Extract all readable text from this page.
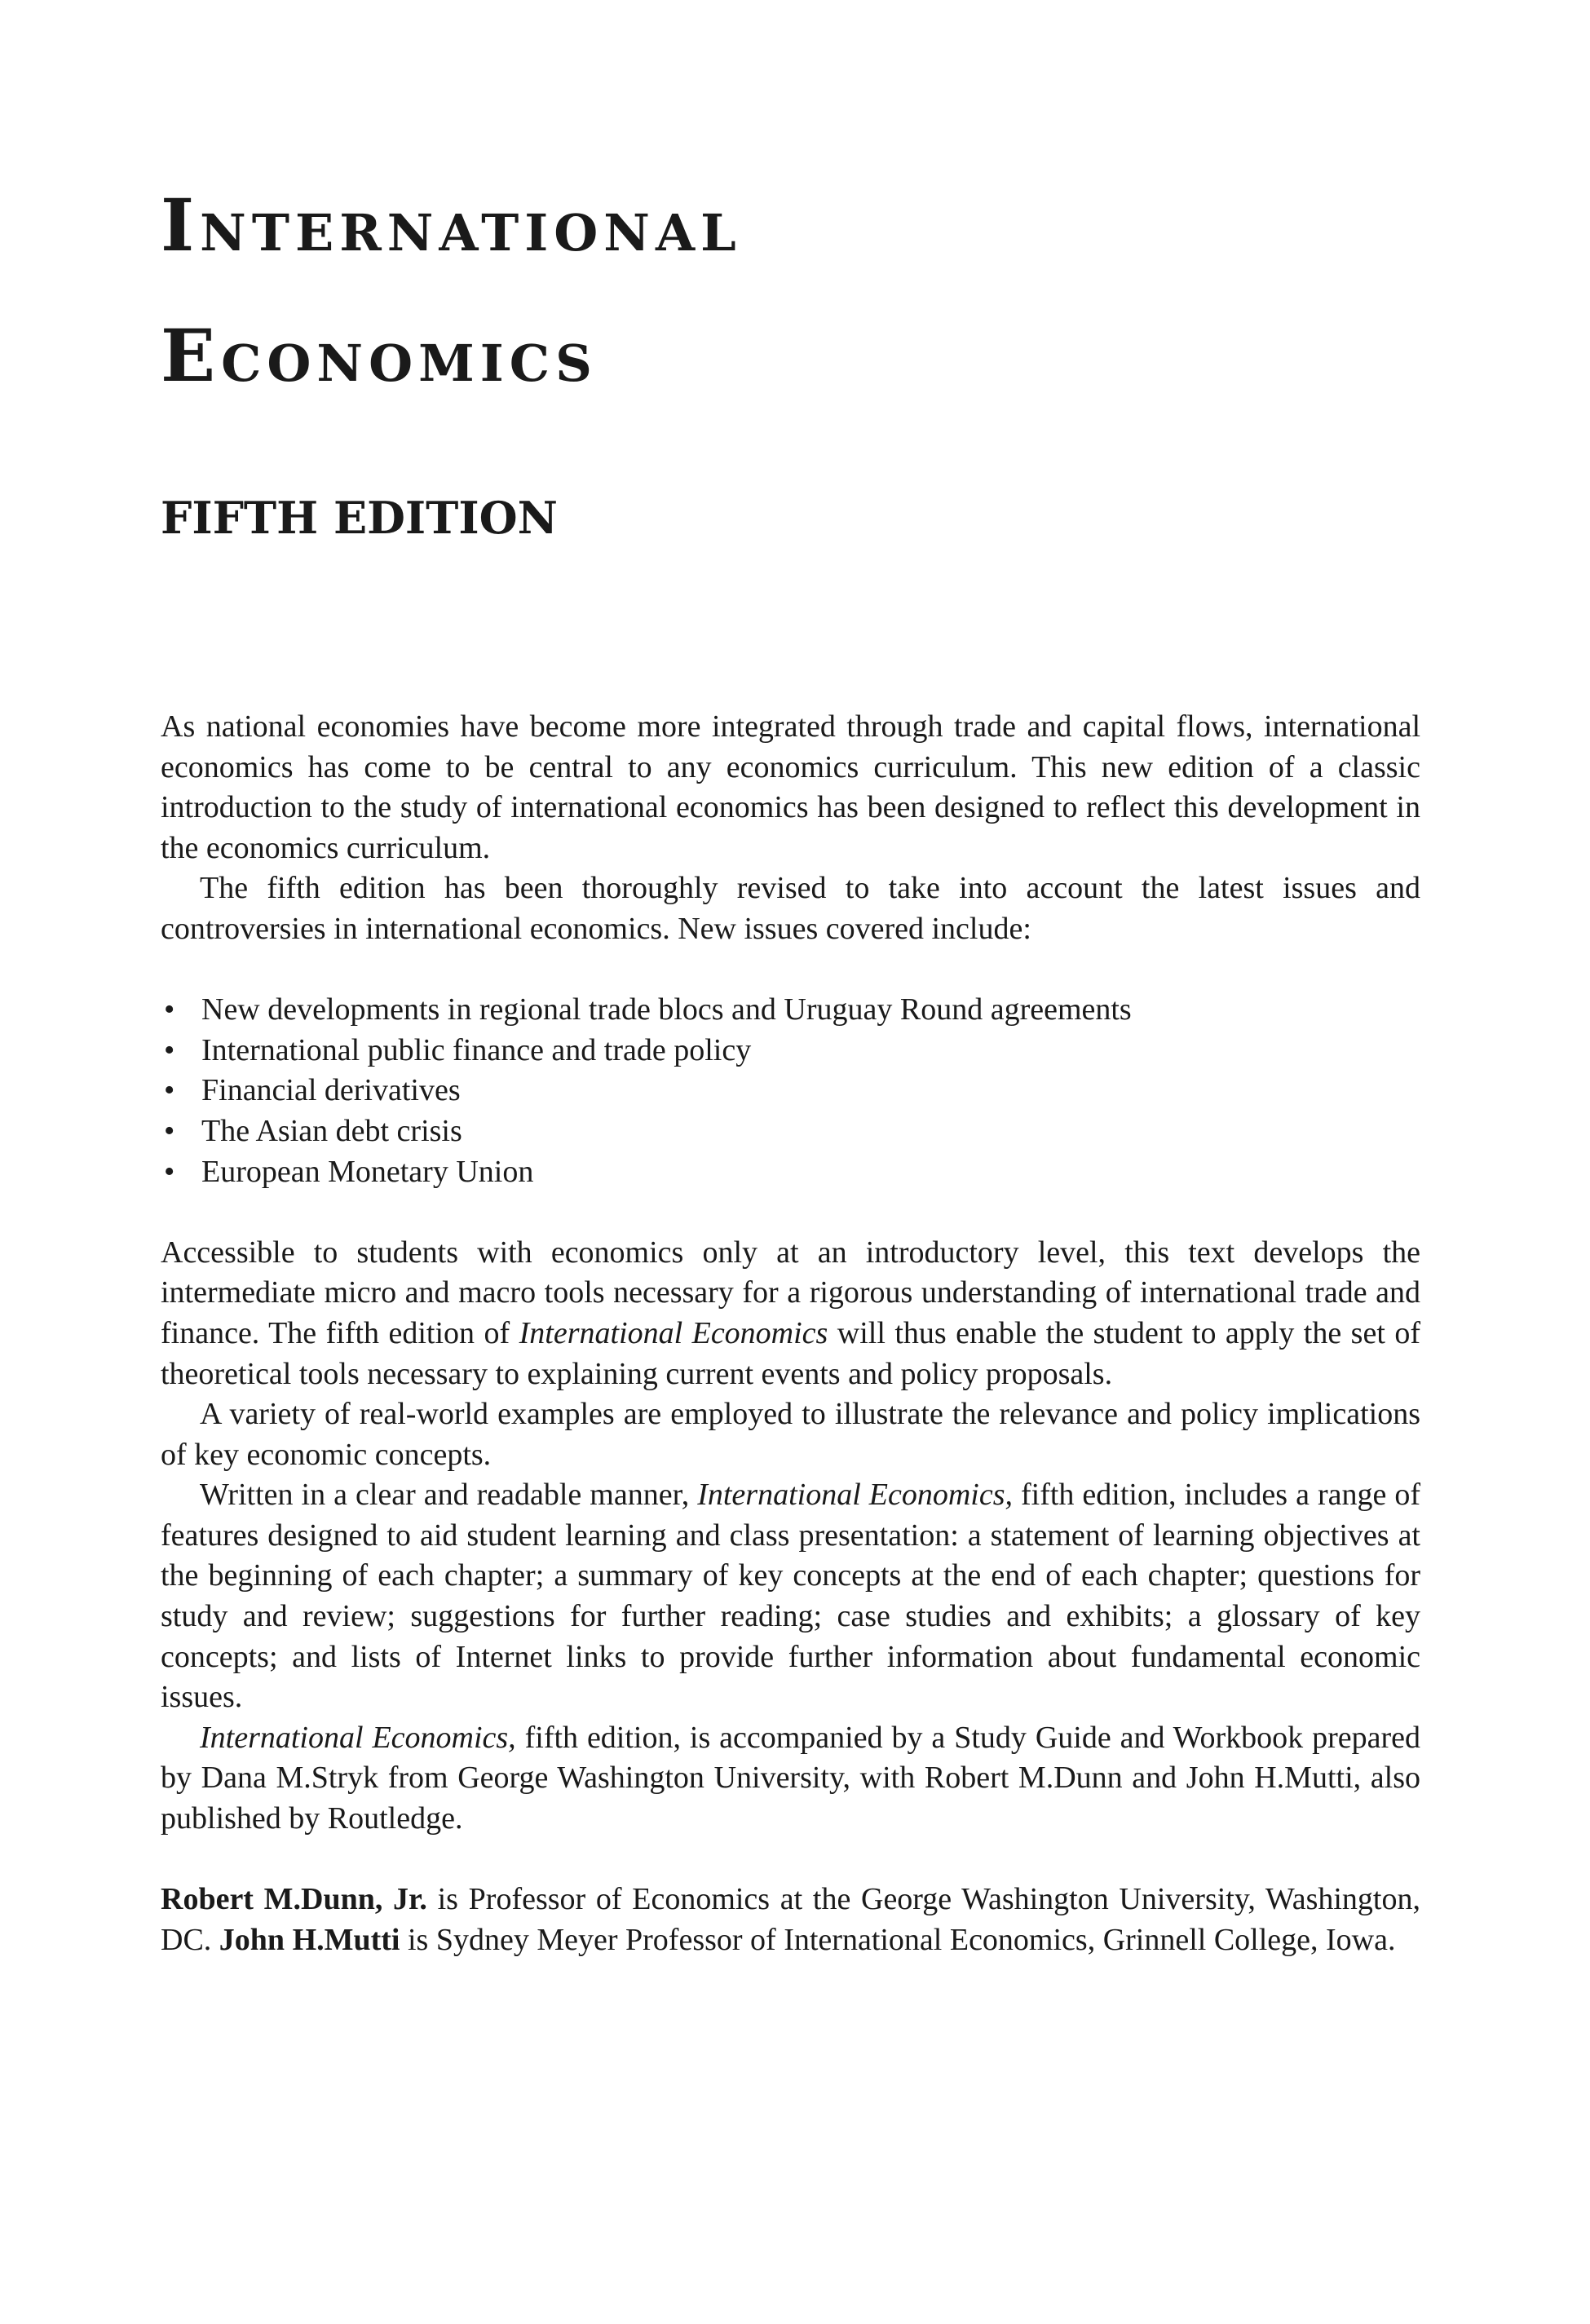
International
Economics
FIFTH EDITION

As national economies have become more integrated through trade and capital flows, international economics has come to be central to any economics curriculum. This new edition of a classic introduction to the study of international economics has been designed to reflect this development in the economics curriculum.

The fifth edition has been thoroughly revised to take into account the latest issues and controversies in international economics. New issues covered include:

• New developments in regional trade blocs and Uruguay Round agreements
• International public finance and trade policy
• Financial derivatives
• The Asian debt crisis
• European Monetary Union

Accessible to students with economics only at an introductory level, this text develops the intermediate micro and macro tools necessary for a rigorous understanding of international trade and finance. The fifth edition of International Economics will thus enable the student to apply the set of theoretical tools necessary to explaining current events and policy proposals.

A variety of real-world examples are employed to illustrate the relevance and policy implications of key economic concepts.

Written in a clear and readable manner, International Economics, fifth edition, includes a range of features designed to aid student learning and class presentation: a statement of learning objectives at the beginning of each chapter; a summary of key concepts at the end of each chapter; questions for study and review; suggestions for further reading; case studies and exhibits; a glossary of key concepts; and lists of Internet links to provide further information about fundamental economic issues.

International Economics, fifth edition, is accompanied by a Study Guide and Workbook prepared by Dana M.Stryk from George Washington University, with Robert M.Dunn and John H.Mutti, also published by Routledge.

Robert M.Dunn, Jr. is Professor of Economics at the George Washington University, Washington, DC. John H.Mutti is Sydney Meyer Professor of International Economics, Grinnell College, Iowa.
